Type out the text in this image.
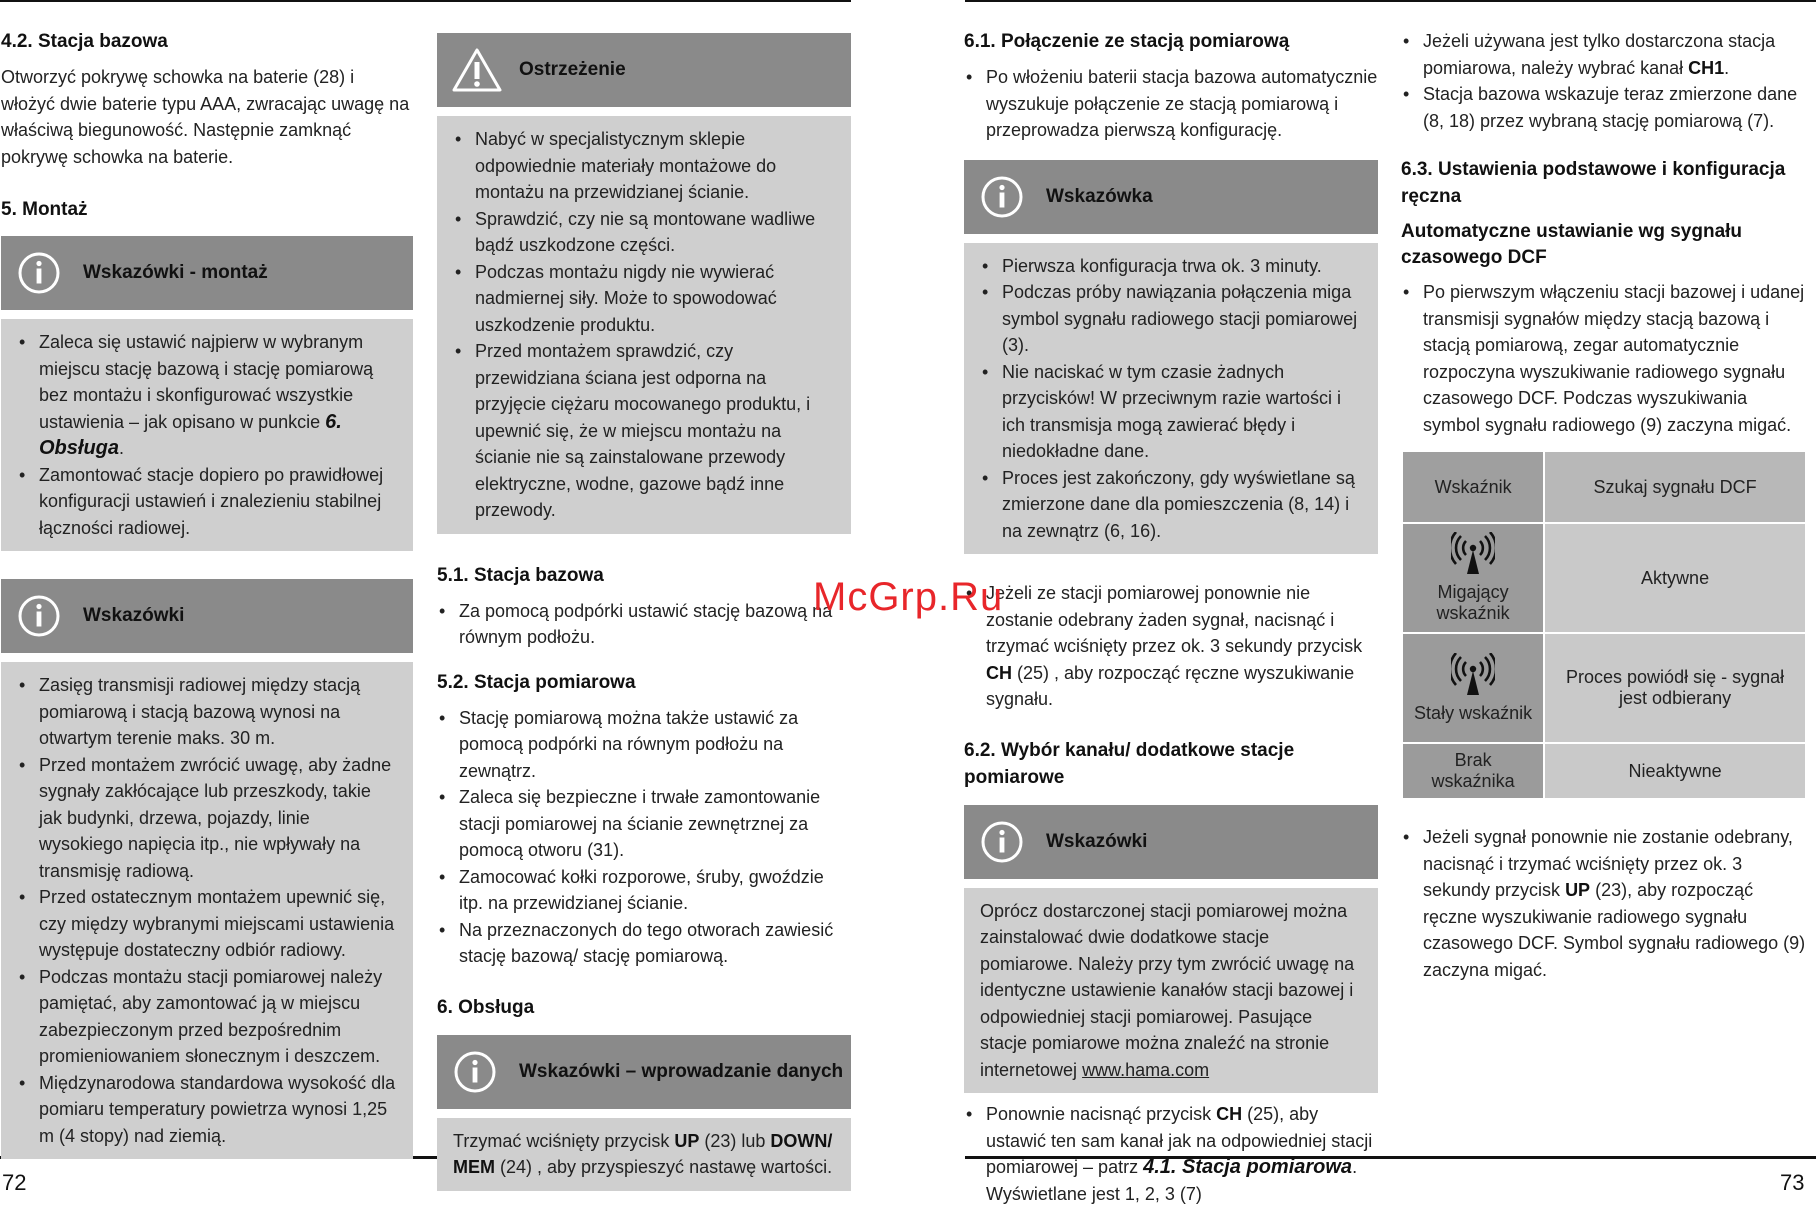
72	73
4.2. Stacja bazowa

Otworzyć pokrywę schowka na baterie (28) i włożyć dwie baterie typu AAA, zwracając uwagę na właściwą biegunowość. Następnie zamknąć pokrywę schowka na baterie.

5. Montaż
Wskazówki - montaż
• Zaleca się ustawić najpierw w wybranym miejscu stację bazową i stację pomiarową bez montażu i skonfigurować wszystkie ustawienia – jak opisano w punkcie 6. Obsługa.
• Zamontować stacje dopiero po prawidłowej konfiguracji ustawień i znalezieniu stabilnej łączności radiowej.
Wskazówki
• Zasięg transmisji radiowej między stacją pomiarową i stacją bazową wynosi na otwartym terenie maks. 30 m.
• Przed montażem zwrócić uwagę, aby żadne sygnały zakłócające lub przeszkody, takie jak budynki, drzewa, pojazdy, linie wysokiego napięcia itp., nie wpływały na transmisję radiową.
• Przed ostatecznym montażem upewnić się, czy między wybranymi miejscami ustawienia występuje dostateczny odbiór radiowy.
• Podczas montażu stacji pomiarowej należy pamiętać, aby zamontować ją w miejscu zabezpieczonym przed bezpośrednim promieniowaniem słonecznym i deszczem.
• Międzynarodowa standardowa wysokość dla pomiaru temperatury powietrza wynosi 1,25 m (4 stopy) nad ziemią.
Ostrzeżenie
• Nabyć w specjalistycznym sklepie odpowiednie materiały montażowe do montażu na przewidzianej ścianie.
• Sprawdzić, czy nie są montowane wadliwe bądź uszkodzone części.
• Podczas montażu nigdy nie wywierać nadmiernej siły. Może to spowodować uszkodzenie produktu.
• Przed montażem sprawdzić, czy przewidziana ściana jest odporna na przyjęcie ciężaru mocowanego produktu, i upewnić się, że w miejscu montażu na ścianie nie są zainstalowane przewody elektryczne, wodne, gazowe bądź inne przewody.
5.1. Stacja bazowa
• Za pomocą podpórki ustawić stację bazową na równym podłożu.
5.2. Stacja pomiarowa
• Stację pomiarową można także ustawić za pomocą podpórki na równym podłożu na zewnątrz.
• Zaleca się bezpieczne i trwałe zamontowanie stacji pomiarowej na ścianie zewnętrznej za pomocą otworu (31).
• Zamocować kołki rozporowe, śruby, gwoździe itp. na przewidzianej ścianie.
• Na przeznaczonych do tego otworach zawiesić stację bazową/ stację pomiarową.
6. Obsługa
Wskazówki – wprowadzanie danych

Trzymać wciśnięty przycisk UP (23) lub DOWN/ MEM (24) , aby przyspieszyć nastawę wartości.

6.1. Połączenie ze stacją pomiarową
• Po włożeniu baterii stacja bazowa automatycznie wyszukuje połączenie ze stacją pomiarową i przeprowadza pierwszą konfigurację.
Wskazówka
• Pierwsza konfiguracja trwa ok. 3 minuty.
• Podczas próby nawiązania połączenia miga symbol sygnału radiowego stacji pomiarowej (3).
• Nie naciskać w tym czasie żadnych przycisków! W przeciwnym razie wartości i ich transmisja mogą zawierać błędy i niedokładne dane.
• Proces jest zakończony, gdy wyświetlane są zmierzone dane dla pomieszczenia (8, 14) i na zewnątrz (6, 16).
• Jeżeli ze stacji pomiarowej ponownie nie zostanie odebrany żaden sygnał, nacisnąć i trzymać wciśnięty przez ok. 3 sekundy przycisk CH (25) , aby rozpocząć ręczne wyszukiwanie sygnału.
6.2. Wybór kanału/ dodatkowe stacje pomiarowe
Wskazówki

Oprócz dostarczonej stacji pomiarowej można zainstalować dwie dodatkowe stacje pomiarowe. Należy przy tym zwrócić uwagę na identyczne ustawienie kanałów stacji bazowej i odpowiedniej stacji pomiarowej. Pasujące stacje pomiarowe można znaleźć na stronie internetowej www.hama.com

• Ponownie nacisnąć przycisk CH (25), aby ustawić ten sam kanał jak na odpowiedniej stacji pomiarowej – patrz 4.1. Stacja pomiarowa. Wyświetlane jest 1, 2, 3 (7)
• Jeżeli używana jest tylko dostarczona stacja pomiarowa, należy wybrać kanał CH1.
• Stacja bazowa wskazuje teraz zmierzone dane (8, 18) przez wybraną stację pomiarową (7).
6.3. Ustawienia podstawowe i konfiguracja ręczna
Automatyczne ustawianie wg sygnału czasowego DCF
• Po pierwszym włączeniu stacji bazowej i udanej transmisji sygnałów między stacją bazową i stacją pomiarową, zegar automatycznie rozpoczyna wyszukiwanie radiowego sygnału czasowego DCF. Podczas wyszukiwania symbol sygnału radiowego (9) zaczyna migać.
Wskaźnik	Szukaj sygnału DCF

Migający wskaźnik	Aktywne

Stały wskaźnik	Proces powiódł się - sygnał jest odbierany
Brak wskaźnika	Nieaktywne
• Jeżeli sygnał ponownie nie zostanie odebrany, nacisnąć i trzymać wciśnięty przez ok. 3 sekundy przycisk UP (23), aby rozpocząć ręczne wyszukiwanie radiowego sygnału czasowego DCF. Symbol sygnału radiowego (9) zaczyna migać.
McGrp.Ru
